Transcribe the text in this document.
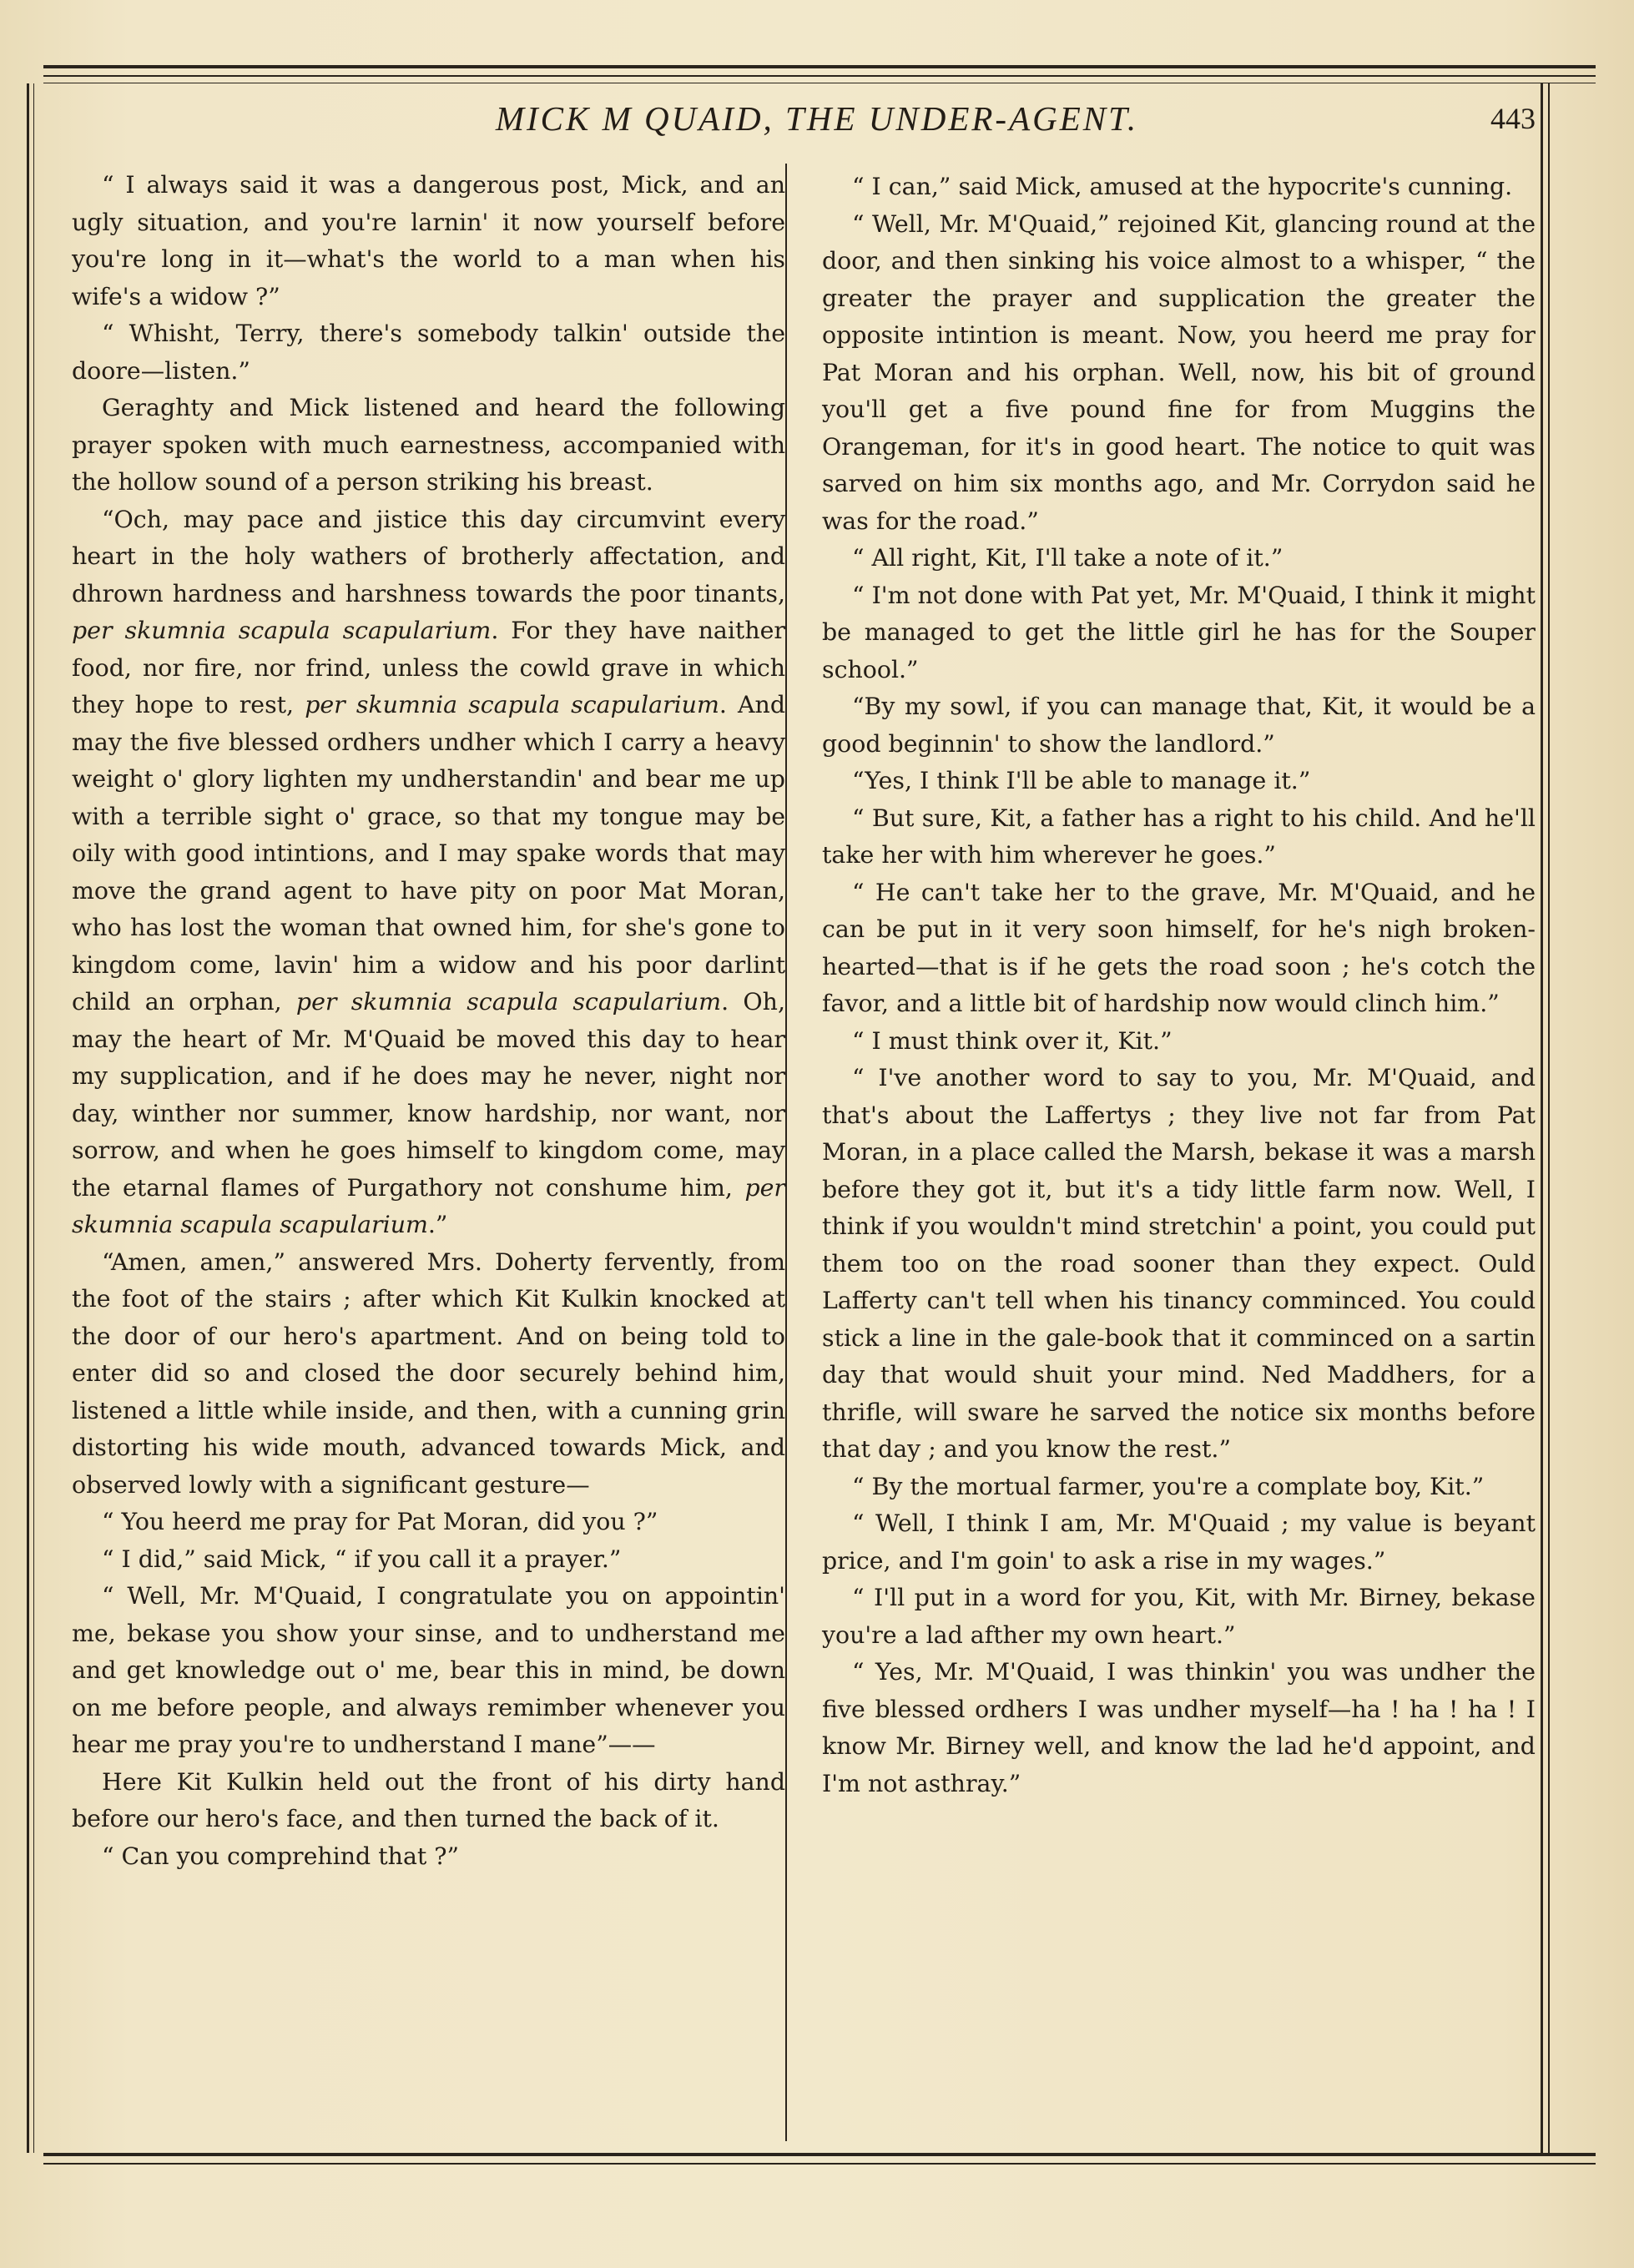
MICK M QUAID, THE UNDER-AGENT.	443

“ I always said it was a dangerous post, Mick, and an ugly situation, and you're larnin' it now yourself before you're long in it—what's the world to a man when his wife's a widow ?”

“ Whisht, Terry, there's somebody talkin' outside the doore—listen.”

Geraghty and Mick listened and heard the following prayer spoken with much earnestness, accompanied with the hollow sound of a person striking his breast.

“Och, may pace and jistice this day circumvint every heart in the holy wathers of brotherly affectation, and dhrown hardness and harshness towards the poor tinants, per skumnia scapula scapularium. For they have naither food, nor fire, nor frind, unless the cowld grave in which they hope to rest, per skumnia scapula scapularium. And may the five blessed ordhers undher which I carry a heavy weight o' glory lighten my undherstandin' and bear me up with a terrible sight o' grace, so that my tongue may be oily with good intintions, and I may spake words that may move the grand agent to have pity on poor Mat Moran, who has lost the woman that owned him, for she's gone to kingdom come, lavin' him a widow and his poor darlint child an orphan, per skumnia scapula scapularium. Oh, may the heart of Mr. M'Quaid be moved this day to hear my supplication, and if he does may he never, night nor day, winther nor summer, know hardship, nor want, nor sorrow, and when he goes himself to kingdom come, may the etarnal flames of Purgathory not conshume him, per skumnia scapula scapularium.”

“Amen, amen,” answered Mrs. Doherty fervently, from the foot of the stairs ; after which Kit Kulkin knocked at the door of our hero's apartment. And on being told to enter did so and closed the door securely behind him, listened a little while inside, and then, with a cunning grin distorting his wide mouth, advanced towards Mick, and observed lowly with a significant gesture—

“ You heerd me pray for Pat Moran, did you ?”

“ I did,” said Mick, “ if you call it a prayer.”

“ Well, Mr. M'Quaid, I congratulate you on appointin' me, bekase you show your sinse, and to undherstand me and get knowledge out o' me, bear this in mind, be down on me before people, and always remimber whenever you hear me pray you're to undherstand I mane”——

Here Kit Kulkin held out the front of his dirty hand before our hero's face, and then turned the back of it.

“ Can you comprehind that ?”

“ I can,” said Mick, amused at the hypocrite's cunning.

“ Well, Mr. M'Quaid,” rejoined Kit, glancing round at the door, and then sinking his voice almost to a whisper, “ the greater the prayer and supplication the greater the opposite intintion is meant. Now, you heerd me pray for Pat Moran and his orphan. Well, now, his bit of ground you'll get a five pound fine for from Muggins the Orangeman, for it's in good heart. The notice to quit was sarved on him six months ago, and Mr. Corrydon said he was for the road.”

“ All right, Kit, I'll take a note of it.”

“ I'm not done with Pat yet, Mr. M'Quaid, I think it might be managed to get the little girl he has for the Souper school.”

“By my sowl, if you can manage that, Kit, it would be a good beginnin' to show the landlord.”

“Yes, I think I'll be able to manage it.”

“ But sure, Kit, a father has a right to his child. And he'll take her with him wherever he goes.”

“ He can't take her to the grave, Mr. M'Quaid, and he can be put in it very soon himself, for he's nigh broken-hearted—that is if he gets the road soon ; he's cotch the favor, and a little bit of hardship now would clinch him.”

“ I must think over it, Kit.”

“ I've another word to say to you, Mr. M'Quaid, and that's about the Laffertys ; they live not far from Pat Moran, in a place called the Marsh, bekase it was a marsh before they got it, but it's a tidy little farm now. Well, I think if you wouldn't mind stretchin' a point, you could put them too on the road sooner than they expect. Ould Lafferty can't tell when his tinancy comminced. You could stick a line in the gale-book that it comminced on a sartin day that would shuit your mind. Ned Maddhers, for a thrifle, will sware he sarved the notice six months before that day ; and you know the rest.”

“ By the mortual farmer, you're a complate boy, Kit.”

“ Well, I think I am, Mr. M'Quaid ; my value is beyant price, and I'm goin' to ask a rise in my wages.”

“ I'll put in a word for you, Kit, with Mr. Birney, bekase you're a lad afther my own heart.”

“ Yes, Mr. M'Quaid, I was thinkin' you was undher the five blessed ordhers I was undher myself—ha ! ha ! ha ! I know Mr. Birney well, and know the lad he'd appoint, and I'm not asthray.”
